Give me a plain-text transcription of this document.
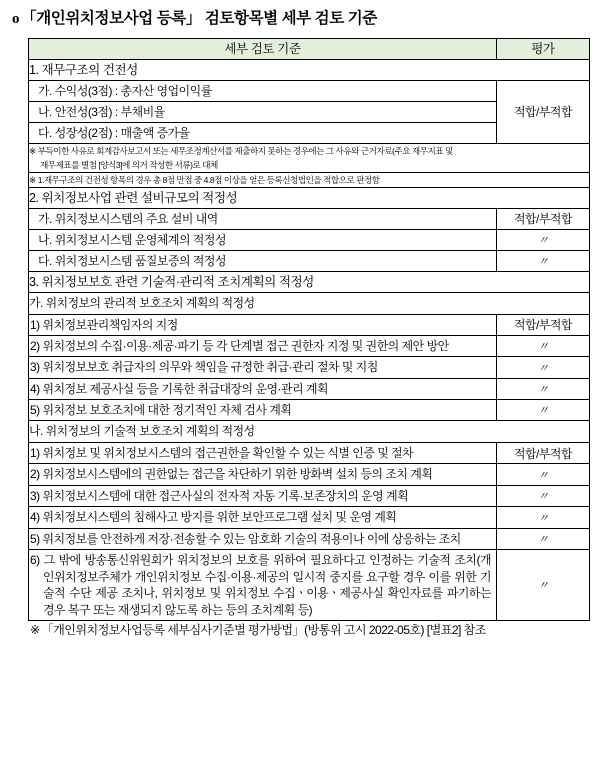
o 「개인위치정보사업 등록」 검토항목별 세부 검토 기준
세부 검토 기준	평가
1. 재무구조의 건전성	
가. 수익성(3점) : 총자산 영업이익률	적합/부적합
나. 안전성(3점) : 부채비율	
다. 성장성(2점) : 매출액 증가율	
※ 부득이한 사유로 회계감사보고서 또는 세무조정계산서를 제출하지 못하는 경우에는 그 사유와 근거자료(주요 재무지표 및
재무제표를 별첨 [양식3]에 의거 작성한 서류)로 대체	

※ 1.재무구조의 건전성 항목의 경우 총 8점 만점 중 4.8점 이상을 얻은 등록신청법인을 적합으로 판정함	
2. 위치정보사업 관련 설비규모의 적정성	
가. 위치정보시스템의 주요 설비 내역	적합/부적합
나. 위치정보시스템 운영체계의 적정성	〃
다. 위치정보시스템 품질보증의 적정성	〃
3. 위치정보보호 관련 기술적·관리적 조치계획의 적정성	
가. 위치정보의 관리적 보호조치 계획의 적정성	
1) 위치정보관리책임자의 지정	적합/부적합
2) 위치정보의 수집·이용·제공·파기 등 각 단계별 접근 권한자 지정 및 권한의 제안 방안	〃
3) 위치정보보호 취급자의 의무와 책임을 규정한 취급·관리 절차 및 지침	〃
4) 위치정보 제공사실 등을 기록한 취급대장의 운영·관리 계획	〃
5) 위치정보 보호조치에 대한 정기적인 자체 검사 계획	〃
나. 위치정보의 기술적 보호조치 계획의 적정성	
1) 위치정보 및 위치정보시스템의 접근권한을 확인할 수 있는 식별 인증 및 절차	적합/부적합
2) 위치정보시스템에의 권한없는 접근을 차단하기 위한 방화벽 설치 등의 조치 계획	〃
3) 위치정보시스템에 대한 접근사실의 전자적 자동 기록·보존장치의 운영 계획	〃
4) 위치정보시스템의 침해사고 방지를 위한 보안프로그램 설치 및 운영 계획	〃
5) 위치정보를 안전하게 저장·전송할 수 있는 암호화 기술의 적용이나 이에 상응하는 조치	〃
6) 그 밖에 방송통신위원회가 위치정보의 보호를 위하여 필요하다고 인정하는 기술적 조치(개인위치정보주체가 개인위치정보 수집·이용·제공의 일시적 중지를 요구할 경우 이를 위한 기술적 수단 제공 조치나, 위치정보 및 위치정보 수집ㆍ이용ㆍ제공사실 확인자료를 파기하는 경우 복구 또는 재생되지 않도록 하는 등의 조치계획 등)	〃
※ 「개인위치정보사업등록 세부심사기준별 평가방법」(방통위 고시 2022-05호) [별표2] 참조
